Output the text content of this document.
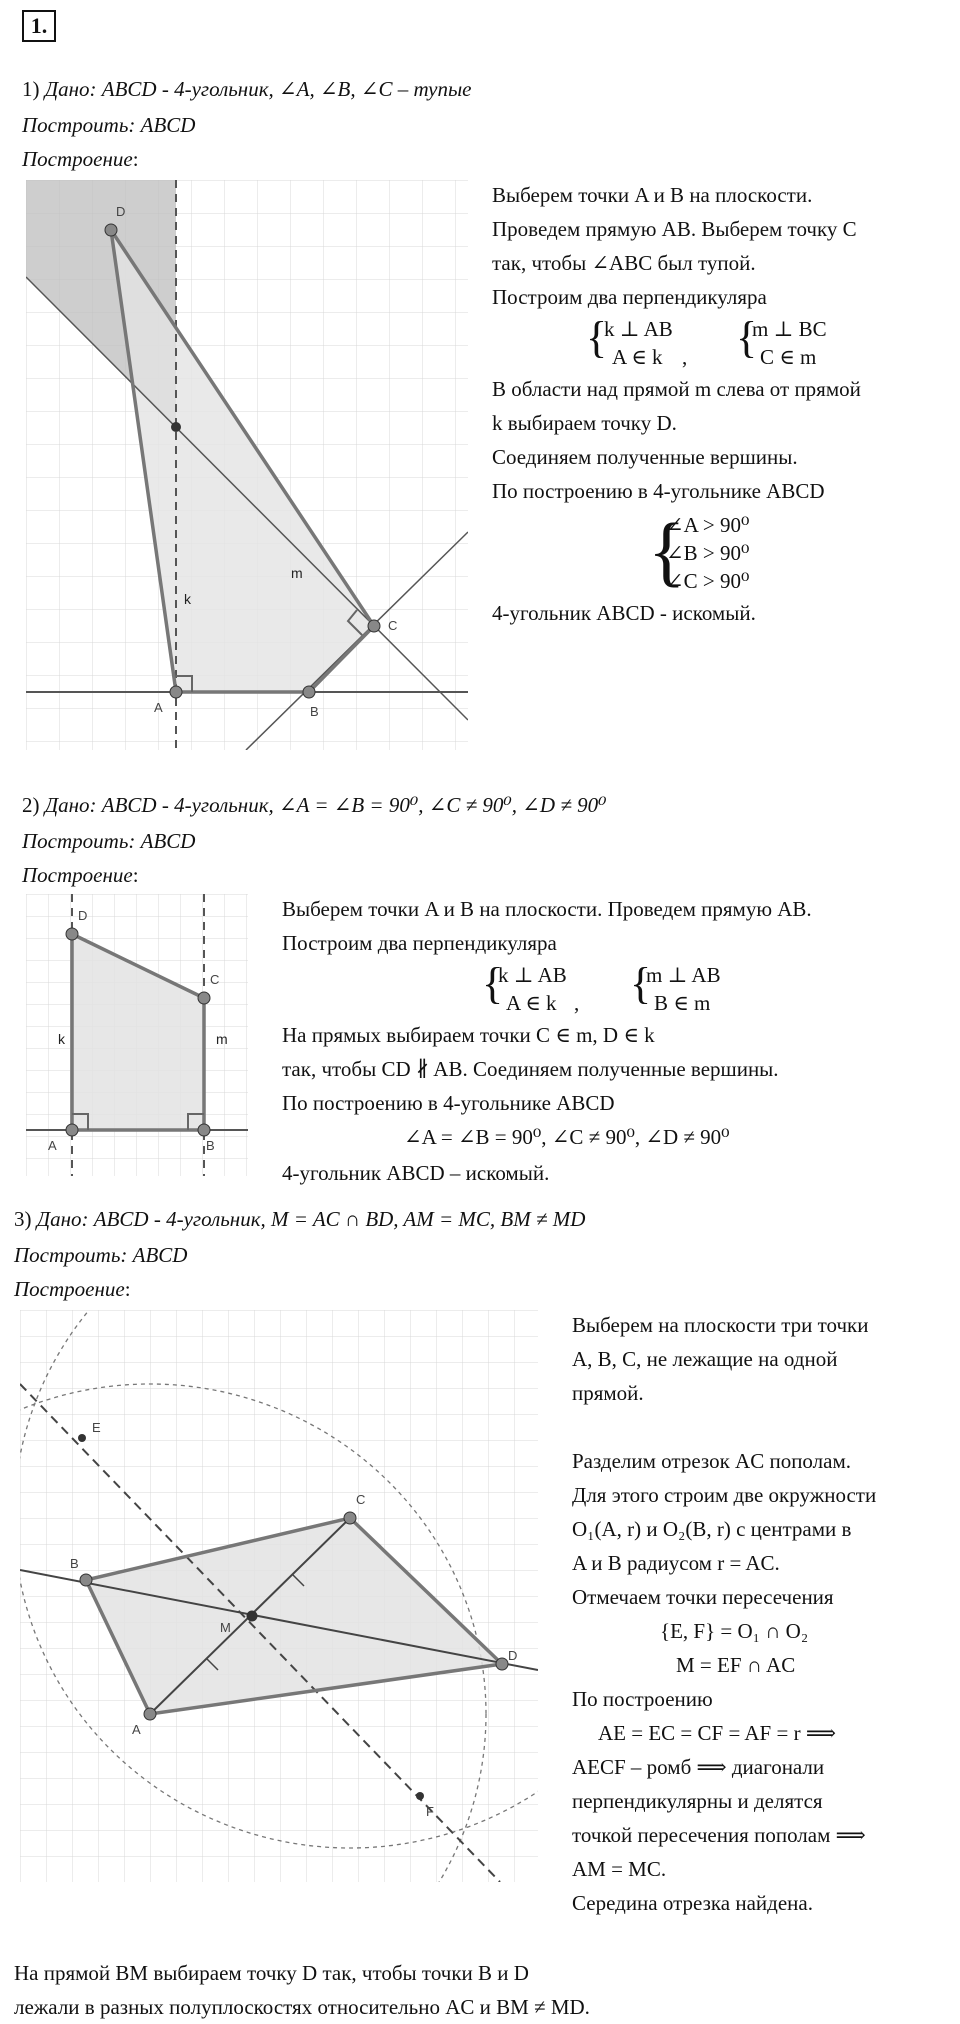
1.
1) Дано: ABCD - 4-угольник, ∠A, ∠B, ∠C – тупые
Построить: ABCD
Построение:
D
A	B
C
k
m
Выберем точки A и B на плоскости.
Проведем прямую AB. Выберем точку C
так, чтобы ∠ABC был тупой.
Построим два перпендикуляра
{
k ⊥ AB
A ∈ k , {
m ⊥ BC
C ∈ m
В области над прямой m слева от прямой
k выбираем точку D.
Соединяем полученные вершины.
По построению в 4-угольнике ABCD
{
∠A > 90⁰
∠B > 90⁰
∠C > 90⁰
4-угольник ABCD - искомый.
2) Дано: ABCD - 4-угольник, ∠A = ∠B = 90⁰, ∠C ≠ 90⁰, ∠D ≠ 90⁰
Построить: ABCD
Построение:
D
A	B
C
k	m
Выберем точки A и B на плоскости. Проведем прямую AB.
Построим два перпендикуляра
{
k ⊥ AB
A ∈ k , {
m ⊥ AB
B ∈ m
На прямых выбираем точки C ∈ m, D ∈ k
так, чтобы CD ∦ AB. Соединяем полученные вершины.
По построению в 4-угольнике ABCD
∠A = ∠B = 90⁰, ∠C ≠ 90⁰, ∠D ≠ 90⁰
4-угольник ABCD – искомый.
3) Дано: ABCD - 4-угольник, M = AC ∩ BD, AM = MC, BM ≠ MD
Построить: ABCD
Построение:
E
B
C
D
A
M
F
Выберем на плоскости три точки
A, B, C, не лежащие на одной
прямой.
Разделим отрезок AC пополам.
Для этого строим две окружности
O₁(A, r) и O₂(B, r) с центрами в
A и B радиусом r = AC.
Отмечаем точки пересечения
{E, F} = O₁ ∩ O₂
M = EF ∩ AC
По построению
AE = EC = CF = AF = r ⟹
AECF – ромб ⟹ диагонали
перпендикулярны и делятся
точкой пересечения пополам ⟹
AM = MC.
Середина отрезка найдена.
На прямой BM выбираем точку D так, чтобы точки B и D
лежали в разных полуплоскостях относительно AC и BM ≠ MD.
